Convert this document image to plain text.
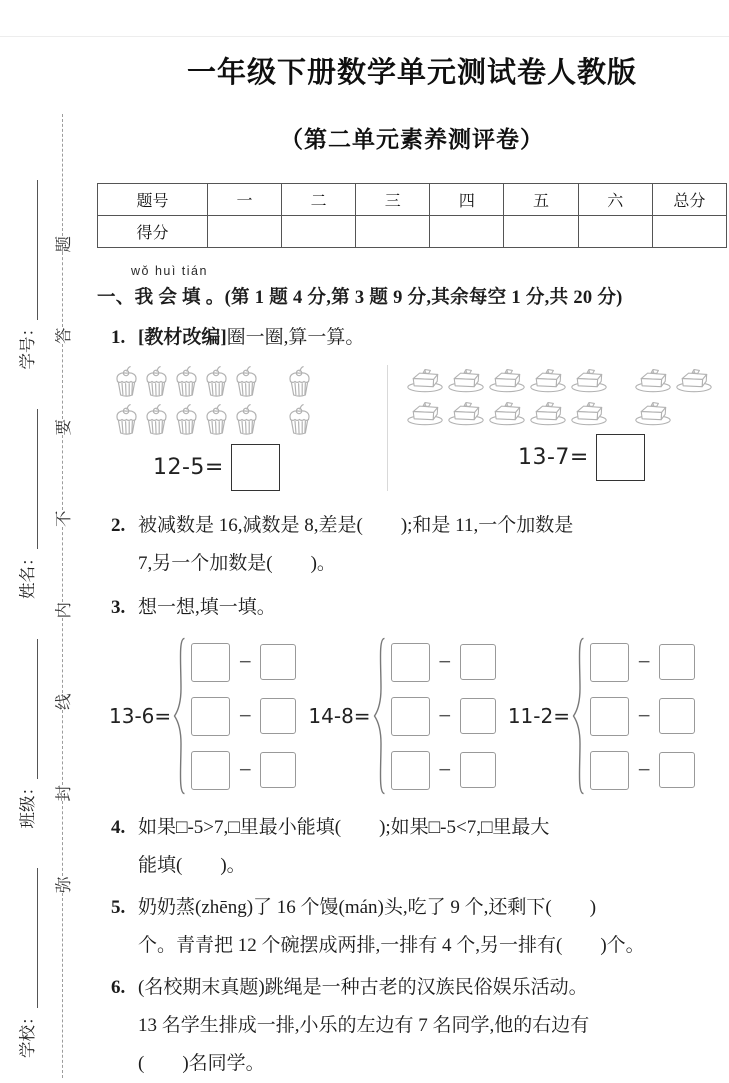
学校：
班级：
姓名：
学号：
弥
封
线
内
不
要
答
题
一年级下册数学单元测试卷人教版
（第二单元素养测评卷）
题号	一	二	三	四	五	六	总分
得分							
wǒ huì tián
一、我 会 填 。(第 1 题 4 分,第 3 题 9 分,其余每空 1 分,共 20 分)
1. [教材改编]圈一圈,算一算。
12-5=	13-7=
2. 被减数是 16,减数是 8,差是(        );和是 11,一个加数是
7,另一个加数是(        )。
3. 想一想,填一填。
13-6=
−
−
−
14-8=
−
−
−
11-2=
−
−
−
4. 如果□-5>7,□里最小能填(        );如果□-5<7,□里最大
能填(        )。
5. 奶奶蒸(zhēng)了 16 个馒(mán)头,吃了 9 个,还剩下(        )
个。青青把 12 个碗摆成两排,一排有 4 个,另一排有(        )个。
6. (名校期末真题)跳绳是一种古老的汉族民俗娱乐活动。
13 名学生排成一排,小乐的左边有 7 名同学,他的右边有
(        )名同学。
